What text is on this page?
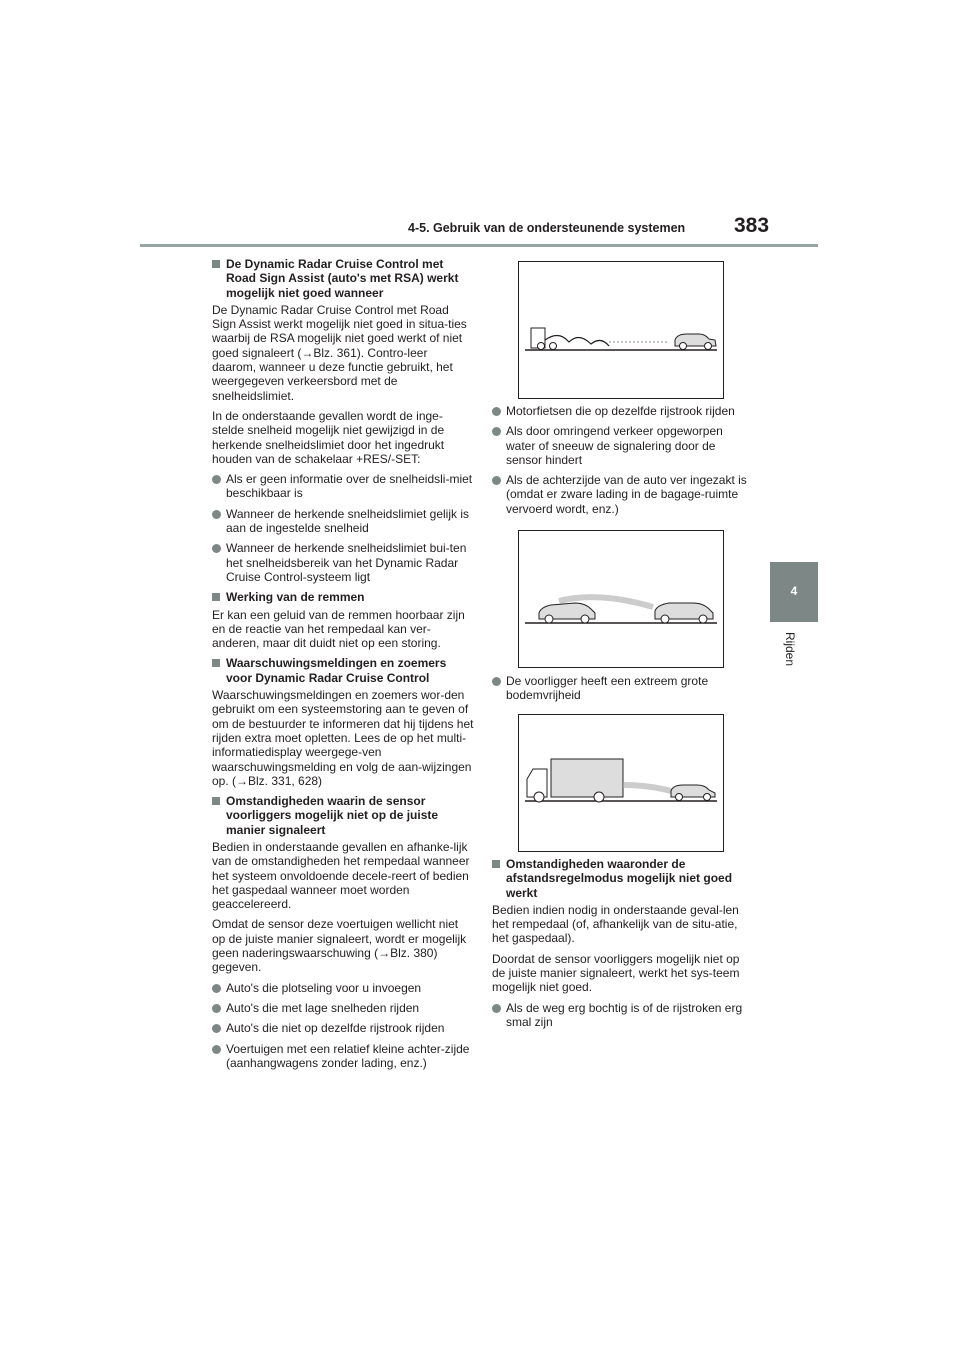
4-5. Gebruik van de ondersteunende systemen 383
4
Rijden
De Dynamic Radar Cruise Control met Road Sign Assist (auto's met RSA) werkt mogelijk niet goed wanneer

De Dynamic Radar Cruise Control met Road Sign Assist werkt mogelijk niet goed in situa-ties waarbij de RSA mogelijk niet goed werkt of niet goed signaleert (→Blz. 361). Contro-leer daarom, wanneer u deze functie gebruikt, het weergegeven verkeersbord met de snelheidslimiet.

In de onderstaande gevallen wordt de inge-stelde snelheid mogelijk niet gewijzigd in de herkende snelheidslimiet door het ingedrukt houden van de schakelaar +RES/-SET:

Als er geen informatie over de snelheidsli-miet beschikbaar is
Wanneer de herkende snelheidslimiet gelijk is aan de ingestelde snelheid
Wanneer de herkende snelheidslimiet bui-ten het snelheidsbereik van het Dynamic Radar Cruise Control-systeem ligt
Werking van de remmen

Er kan een geluid van de remmen hoorbaar zijn en de reactie van het rempedaal kan ver-anderen, maar dit duidt niet op een storing.

Waarschuwingsmeldingen en zoemers voor Dynamic Radar Cruise Control

Waarschuwingsmeldingen en zoemers wor-den gebruikt om een systeemstoring aan te geven of om de bestuurder te informeren dat hij tijdens het rijden extra moet opletten. Lees de op het multi-informatiedisplay weergege-ven waarschuwingsmelding en volg de aan-wijzingen op. (→Blz. 331, 628)

Omstandigheden waarin de sensor voorliggers mogelijk niet op de juiste manier signaleert

Bedien in onderstaande gevallen en afhanke-lijk van de omstandigheden het rempedaal wanneer het systeem onvoldoende decele-reert of bedien het gaspedaal wanneer moet worden geaccelereerd.

Omdat de sensor deze voertuigen wellicht niet op de juiste manier signaleert, wordt er mogelijk geen naderingswaarschuwing (→Blz. 380) gegeven.

Auto's die plotseling voor u invoegen
Auto's die met lage snelheden rijden
Auto's die niet op dezelfde rijstrook rijden
Voertuigen met een relatief kleine achter-zijde (aanhangwagens zonder lading, enz.)
Motorfietsen die op dezelfde rijstrook rijden
Als door omringend verkeer opgeworpen water of sneeuw de signalering door de sensor hindert
Als de achterzijde van de auto ver ingezakt is (omdat er zware lading in de bagage-ruimte vervoerd wordt, enz.)
De voorligger heeft een extreem grote bodemvrijheid
Omstandigheden waaronder de afstandsregelmodus mogelijk niet goed werkt

Bedien indien nodig in onderstaande geval-len het rempedaal (of, afhankelijk van de situ-atie, het gaspedaal).

Doordat de sensor voorliggers mogelijk niet op de juiste manier signaleert, werkt het sys-teem mogelijk niet goed.

Als de weg erg bochtig is of de rijstroken erg smal zijn
